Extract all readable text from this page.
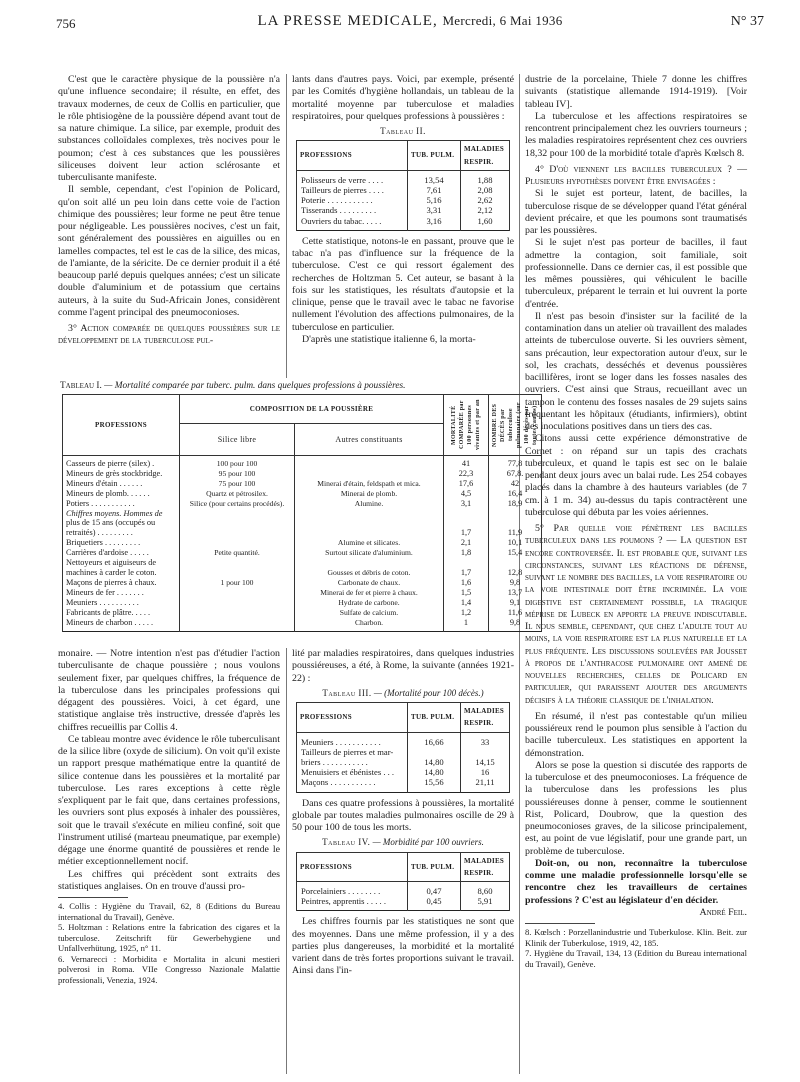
756	LA PRESSE MEDICALE, Mercredi, 6 Mai 1936	N° 37

C'est que le caractère physique de la poussière n'a qu'une influence secondaire; il résulte, en effet, des travaux modernes, de ceux de Collis en particulier, que le rôle phtisiogène de la poussière dépend avant tout de sa nature chimique. La silice, par exemple, produit des substances colloïdales complexes, très nocives pour le poumon; c'est à ces substances que les poussières siliceuses doivent leur action sclérosante et tuberculisante manifeste.

Il semble, cependant, c'est l'opinion de Policard, qu'on soit allé un peu loin dans cette voie de l'action chimique des poussières; leur forme ne peut être tenue pour négligeable. Les poussières nocives, c'est un fait, sont généralement des poussières en aiguilles ou en lamelles compactes, tel est le cas de la silice, des micas, de l'amiante, de la séricite. De ce dernier produit il a été beaucoup parlé depuis quelques années; c'est un silicate double d'aluminium et de potassium que certains auteurs, à la suite du Sud-Africain Jones, considèrent comme l'agent principal des pneumoconioses.

3° Action comparée de quelques poussières sur le développement de la tuberculose pul-

lants dans d'autres pays. Voici, par exemple, présenté par les Comités d'hygiène hollandais, un tableau de la mortalité moyenne par tuberculose et maladies respiratoires, pour quelques professions à poussières :

Tableau II.
PROFESSIONS	TUB. PULM.	MALADIES RESPIR.
Polisseurs de verre . . . .	13,54	1,88
Tailleurs de pierres . . . .	7,61	2,08
Poterie . . . . . . . . . . .	5,16	2,62
Tisserands . . . . . . . . .	3,31	2,12
Ouvriers du tabac. . . . .	3,16	1,60

Cette statistique, notons-le en passant, prouve que le tabac n'a pas d'influence sur la fréquence de la tuberculose. C'est ce qui ressort également des recherches de Holtzman 5. Cet auteur, se basant à la fois sur les statistiques, les résultats d'autopsie et la clinique, pense que le travail avec le tabac ne favorise nullement l'évolution des affections pulmonaires, de la tuberculose en particulier.

D'après une statistique italienne 6, la morta-

dustrie de la porcelaine, Thiele 7 donne les chiffres suivants (statistique allemande 1914-1919). [Voir tableau IV].

La tuberculose et les affections respiratoires se rencontrent principalement chez les ouvriers tourneurs ; les maladies respiratoires représentent chez ces ouvriers 18,32 pour 100 de la morbidité totale d'après Kœlsch 8.

4° D'où viennent les bacilles tuberculeux ? — Plusieurs hypothèses doivent être envisagées :

Si le sujet est porteur, latent, de bacilles, la tuberculose risque de se développer quand l'état général devient précaire, et que les poumons sont traumatisés par les poussières.

Si le sujet n'est pas porteur de bacilles, il faut admettre la contagion, soit familiale, soit professionnelle. Dans ce dernier cas, il est possible que les mêmes poussières, qui véhiculent le bacille tuberculeux, préparent le terrain et lui ouvrent la porte d'entrée.

Il n'est pas besoin d'insister sur la facilité de la contamination dans un atelier où travaillent des malades atteints de tuberculose ouverte. Si les ouvriers sèment, sans précaution, leur expectoration autour d'eux, sur le sol, les crachats, desséchés et devenus poussières bacillifères, iront se loger dans les fosses nasales des ouvriers. C'est ainsi que Straus, recueillant avec un tampon le contenu des fosses nasales de 29 sujets sains fréquentant les hôpitaux (étudiants, infirmiers), obtint des inoculations positives dans un tiers des cas.

Citons aussi cette expérience démonstrative de Cornet : on répand sur un tapis des crachats tuberculeux, et quand le tapis est sec on le balaie pendant deux jours avec un balai rude. Les 254 cobayes placés dans la chambre à des hauteurs variables (de 7 cm. à 1 m. 34) au-dessus du tapis contractèrent une tuberculose qui débuta par les voies aériennes.

5° Par quelle voie pénètrent les bacilles tuberculeux dans les poumons ? — La question est encore controversée. Il est probable que, suivant les circonstances, suivant les réactions de défense, suivant le nombre des bacilles, la voie respiratoire ou la voie intestinale doit être incriminée. La voie digestive est certainement possible, la tragique méprise de Lubeck en apporte la preuve indiscutable. Il nous semble, cependant, que chez l'adulte tout au moins, la voie respiratoire est la plus naturelle et la plus fréquente. Les discussions soulevées par Jousset à propos de l'anthracose pulmonaire ont amené de nouvelles recherches, celles de Policard en particulier, qui paraissent ajouter des arguments décisifs à la théorie classique de l'inhalation.

En résumé, il n'est pas contestable qu'un milieu poussiéreux rend le poumon plus sensible à l'action du bacille tuberculeux. Les statistiques en apportent la démonstration.

Alors se pose la question si discutée des rapports de la tuberculose et des pneumoconioses. La fréquence de la tuberculose dans les professions les plus poussiéreuses donne à penser, comme le soutiennent Rist, Policard, Doubrow, que la question des pneumoconioses graves, de la silicose principalement, est, au point de vue législatif, pour une grande part, un problème de tuberculose.

Doit-on, ou non, reconnaître la tuberculose comme une maladie professionnelle lorsqu'elle se rencontre chez les travailleurs de certaines professions ? C'est au législateur d'en décider.

André Feil.

8. Kœlsch : Porzellanindustrie und Tuberkulose. Klin. Beit. zur Klinik der Tuberkulose, 1919, 42, 185.

7. Hygiène du Travail, 134, 13 (Edition du Bureau international du Travail), Genève.

Tableau I. — Mortalité comparée par tuberc. pulm. dans quelques professions à poussières.
PROFESSIONS	COMPOSITION DE LA POUSSIÈRE		MORTALITÉ COMPARÉE par 100 personnes vivantes et par an	NOMBRE DES DÉCÈS par tuberculose pulmonaire (sur 100 décès par toutes causes)

	Silice libre	Autres constituants		
Casseurs de pierre (silex) .	100 pour 100		41	77,8
Mineurs de grès stockbridge.	95 pour 100		22,3	67,8.
Mineurs d'étain . . . . . .	75 pour 100	Minerai d'étain, feldspath et mica.	17,6	42
Mineurs de plomb. . . . . .	Quartz et pétrosilex.	Minerai de plomb.	4,5	16,4
Potiers . . . . . . . . . . .	Silice (pour certains procédés).	Alumine.	3,1	18,9
Chiffres moyens. Hommes de				
plus de 15 ans (occupés ou				
retraités) . . . . . . . . .			1,7	11,9
Briquetiers . . . . . . . . .		Alumine et silicates.	2,1	10,1
Carrières d'ardoise . . . . .	Petite quantité.	Surtout silicate d'aluminium.	1,8	15,4
Nettoyeurs et aiguiseurs de				
machines à carder le coton.		Gousses et débris de coton.	1,7	12,8
Maçons de pierres à chaux.	1 pour 100	Carbonate de chaux.	1,6	9,8
Mineurs de fer . . . . . . .		Minerai de fer et pierre à chaux.	1,5	13,7
Meuniers . . . . . . . . . .		Hydrate de carbone.	1,4	9,1
Fabricants de plâtre. . . . .		Sulfate de calcium.	1,2	11,6
Mineurs de charbon . . . . .		Charbon.	1	9,8

monaire. — Notre intention n'est pas d'étudier l'action tuberculisante de chaque poussière ; nous voulons seulement fixer, par quelques chiffres, la fréquence de la tuberculose dans les principales professions qui dégagent des poussières. Voici, à cet égard, une statistique anglaise très instructive, dressée d'après les chiffres recueillis par Collis 4.

Ce tableau montre avec évidence le rôle tuberculisant de la silice libre (oxyde de silicium). On voit qu'il existe un rapport presque mathématique entre la quantité de silice contenue dans les poussières et la mortalité par tuberculose. Les rares exceptions à cette règle s'expliquent par le fait que, dans certaines professions, les ouvriers sont plus exposés à inhaler des poussières, soit que le travail s'exécute en milieu confiné, soit que l'instrument utilisé (marteau pneumatique, par exemple) dégage une énorme quantité de poussières et rende le métier exceptionnellement nocif.

Les chiffres qui précèdent sont extraits des statistiques anglaises. On en trouve d'aussi pro-

4. Collis : Hygiène du Travail, 62, 8 (Editions du Bureau international du Travail), Genève.

5. Holtzman : Relations entre la fabrication des cigares et la tuberculose. Zeitschrift für Gewerbehygiene und Unfallverhütung, 1925, n° 11.

6. Vernarecci : Morbidita e Mortalita in alcuni mestieri polverosi in Roma. VIIe Congresso Nazionale Malattie professionali, Venezia, 1924.

lité par maladies respiratoires, dans quelques industries poussiéreuses, a été, à Rome, la suivante (années 1921-22) :

Tableau III. — (Mortalité pour 100 décès.)
PROFESSIONS	TUB. PULM.	MALADIES RESPIR.
Meuniers . . . . . . . . . . .	16,66	33
Tailleurs de pierres et mar-		
briers . . . . . . . . . . .	14,80	14,15
Menuisiers et ébénistes . . .	14,80	16
Maçons . . . . . . . . . . .	15,56	21,11

Dans ces quatre professions à poussières, la mortalité globale par toutes maladies pulmonaires oscille de 29 à 50 pour 100 de tous les morts.

Tableau IV. — Morbidité par 100 ouvriers.
PROFESSIONS	TUB. PULM.	MALADIES RESPIR.
Porcelainiers . . . . . . . .	0,47	8,60
Peintres, apprentis . . . . .	0,45	5,91

Les chiffres fournis par les statistiques ne sont que des moyennes. Dans une même profession, il y a des parties plus dangereuses, la morbidité et la mortalité varient dans de très fortes proportions suivant le travail. Ainsi dans l'in-
